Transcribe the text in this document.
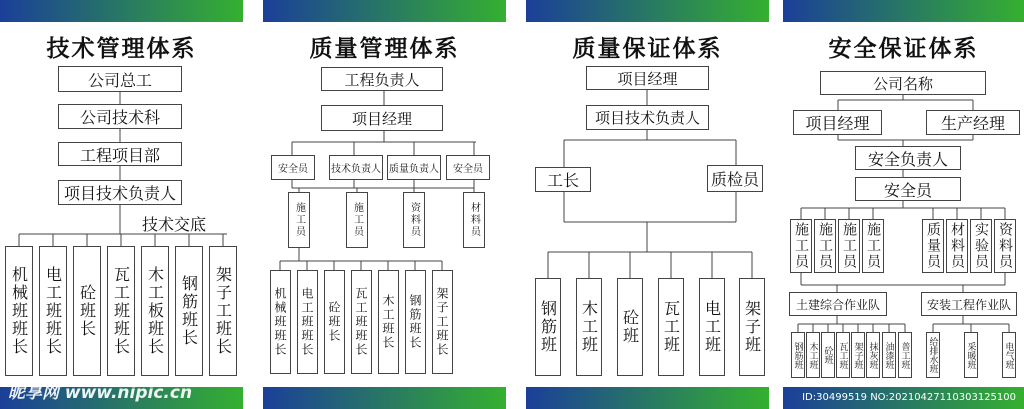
技术管理体系
公司总工
公司技术科
工程项目部
项目技术负责人
技术交底
机械班班长 电工班班长 砼班长 瓦工班班长 木工板班长 钢筋班长 架子工班长
昵享网 www.nipic.cn
质量管理体系
工程负责人
项目经理
安全员	技术负责人 质量负责人	安全员
施工员	施工员	资料员	材料员
机械班班长	电工班班长	砼班长	瓦工班班长	木工班长	钢筋班长	架子工班长
质量保证体系
项目经理
项目技术负责人
工长	质检员
钢筋班 木工班 砼班 瓦工班 电工班 架子班
安全保证体系
公司名称
项目经理	生产经理
安全负责人
安全员
施工员 施工员 施工员 施工员	质量员 材料员 实验员 资料员
土建综合作业队	安装工程作业队
钢筋班 木工班 砼班 瓦工班 架子班 抹灰班 油漆班 普工班 给排水班	采暖班	电气班
ID:30499519 NO:20210427110303125100
